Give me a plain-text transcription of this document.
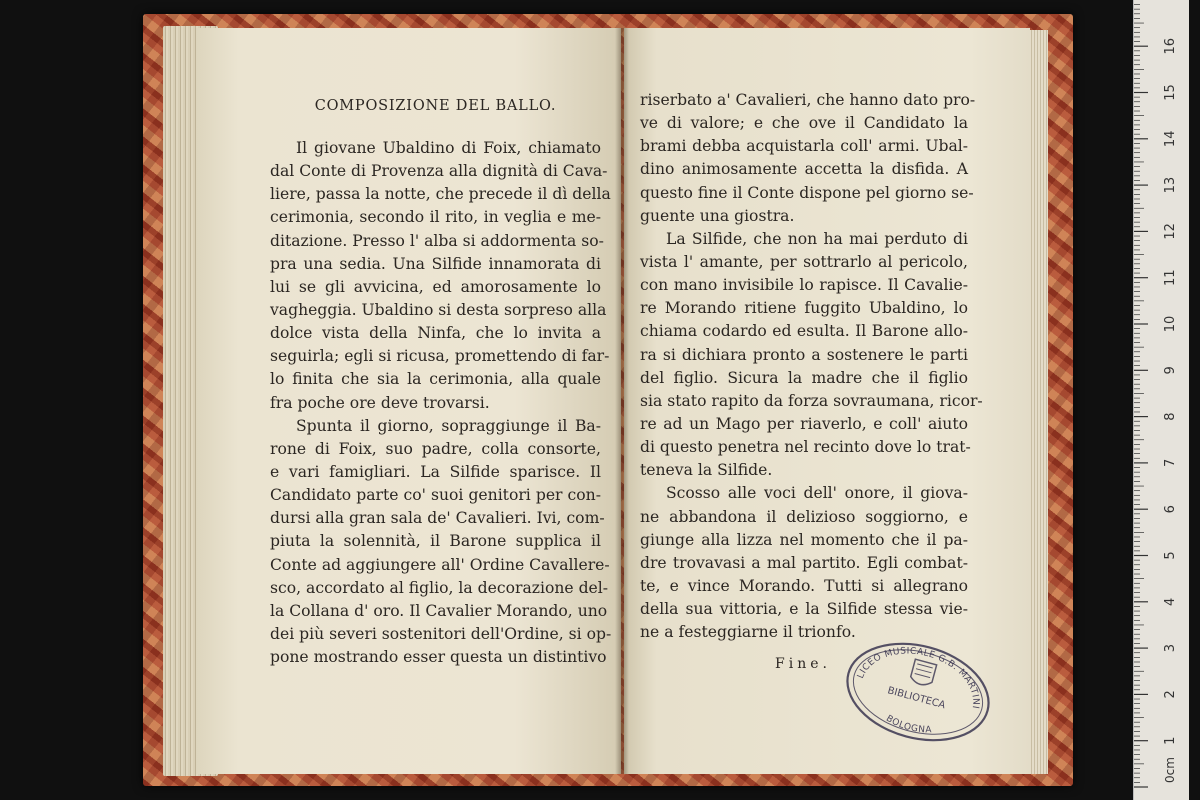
COMPOSIZIONE DEL BALLO.
Il giovane Ubaldino di Foix, chiamato
dal Conte di Provenza alla dignità di Cava-
liere, passa la notte, che precede il dì della
cerimonia, secondo il rito, in veglia e me-
ditazione. Presso l' alba si addormenta so-
pra una sedia. Una Silfide innamorata di
lui se gli avvicina, ed amorosamente lo
vagheggia. Ubaldino si desta sorpreso alla
dolce vista della Ninfa, che lo invita a
seguirla; egli si ricusa, promettendo di far-
lo finita che sia la cerimonia, alla quale
fra poche ore deve trovarsi.
Spunta il giorno, sopraggiunge il Ba-
rone di Foix, suo padre, colla consorte,
e vari famigliari. La Silfide sparisce. Il
Candidato parte co' suoi genitori per con-
dursi alla gran sala de' Cavalieri. Ivi, com-
piuta la solennità, il Barone supplica il
Conte ad aggiungere all' Ordine Cavallere-
sco, accordato al figlio, la decorazione del-
la Collana d' oro. Il Cavalier Morando, uno
dei più severi sostenitori dell'Ordine, si op-
pone mostrando esser questa un distintivo
riserbato a' Cavalieri, che hanno dato pro-
ve di valore; e che ove il Candidato la
brami debba acquistarla coll' armi. Ubal-
dino animosamente accetta la disfida. A
questo fine il Conte dispone pel giorno se-
guente una giostra.
La Silfide, che non ha mai perduto di
vista l' amante, per sottrarlo al pericolo,
con mano invisibile lo rapisce. Il Cavalie-
re Morando ritiene fuggito Ubaldino, lo
chiama codardo ed esulta. Il Barone allo-
ra si dichiara pronto a sostenere le parti
del figlio. Sicura la madre che il figlio
sia stato rapito da forza sovraumana, ricor-
re ad un Mago per riaverlo, e coll' aiuto
di questo penetra nel recinto dove lo trat-
teneva la Silfide.
Scosso alle voci dell' onore, il giova-
ne abbandona il delizioso soggiorno, e
giunge alla lizza nel momento che il pa-
dre trovavasi a mal partito. Egli combat-
te, e vince Morando. Tutti si allegrano
della sua vittoria, e la Silfide stessa vie-
ne a festeggiarne il trionfo.
Fine.
LICEO MUSICALE G.B. MARTINI
BIBLIOTECA
BOLOGNA
0cm
1
2
3
4
5
6
7
8
9
10
11
12
13
14
15
16
